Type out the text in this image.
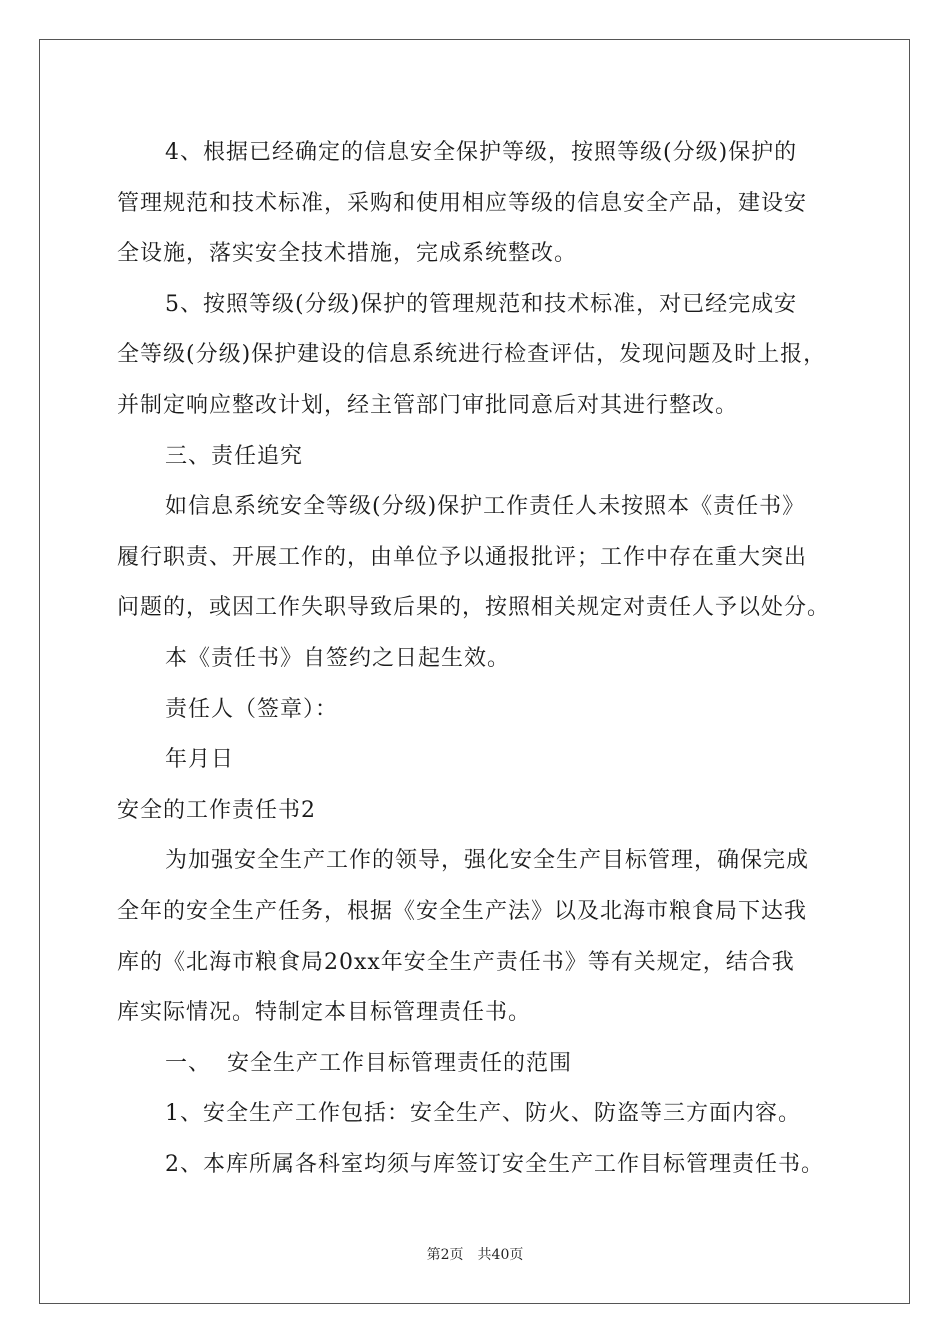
4、根据已经确定的信息安全保护等级，按照等级(分级)保护的
管理规范和技术标准，采购和使用相应等级的信息安全产品，建设安
全设施，落实安全技术措施，完成系统整改。
5、按照等级(分级)保护的管理规范和技术标准，对已经完成安
全等级(分级)保护建设的信息系统进行检查评估，发现问题及时上报，
并制定响应整改计划，经主管部门审批同意后对其进行整改。
三、责任追究
如信息系统安全等级(分级)保护工作责任人未按照本《责任书》
履行职责、开展工作的，由单位予以通报批评；工作中存在重大突出
问题的，或因工作失职导致后果的，按照相关规定对责任人予以处分。
本《责任书》自签约之日起生效。
责任人（签章）：
年月日
安全的工作责任书2
为加强安全生产工作的领导，强化安全生产目标管理，确保完成
全年的安全生产任务，根据《安全生产法》以及北海市粮食局下达我
库的《北海市粮食局20xx年安全生产责任书》等有关规定，结合我
库实际情况。特制定本目标管理责任书。
一、  安全生产工作目标管理责任的范围
1、安全生产工作包括：安全生产、防火、防盗等三方面内容。
2、本库所属各科室均须与库签订安全生产工作目标管理责任书。
第2页 共40页
